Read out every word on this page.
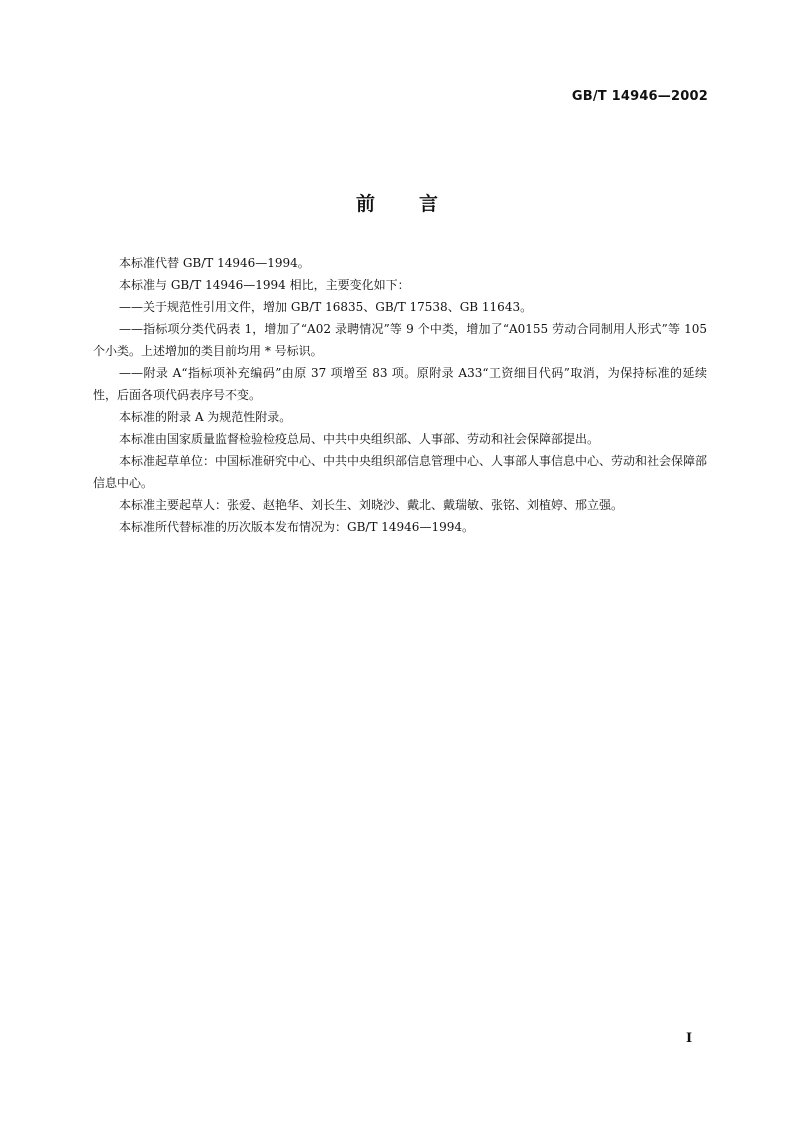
GB/T 14946—2002
前言

本标准代替 GB/T 14946—1994。

本标准与 GB/T 14946—1994 相比，主要变化如下：

——关于规范性引用文件，增加 GB/T 16835、GB/T 17538、GB 11643。

——指标项分类代码表 1，增加了“A02 录聘情况”等 9 个中类，增加了“A0155 劳动合同制用人形式”等 105 个小类。上述增加的类目前均用 * 号标识。

——附录 A“指标项补充编码”由原 37 项增至 83 项。原附录 A33“工资细目代码”取消，为保持标准的延续性，后面各项代码表序号不变。

本标准的附录 A 为规范性附录。

本标准由国家质量监督检验检疫总局、中共中央组织部、人事部、劳动和社会保障部提出。

本标准起草单位：中国标准研究中心、中共中央组织部信息管理中心、人事部人事信息中心、劳动和社会保障部信息中心。

本标准主要起草人：张爱、赵艳华、刘长生、刘晓沙、戴北、戴瑞敏、张铭、刘植婷、邢立强。

本标准所代替标准的历次版本发布情况为：GB/T 14946—1994。

I
